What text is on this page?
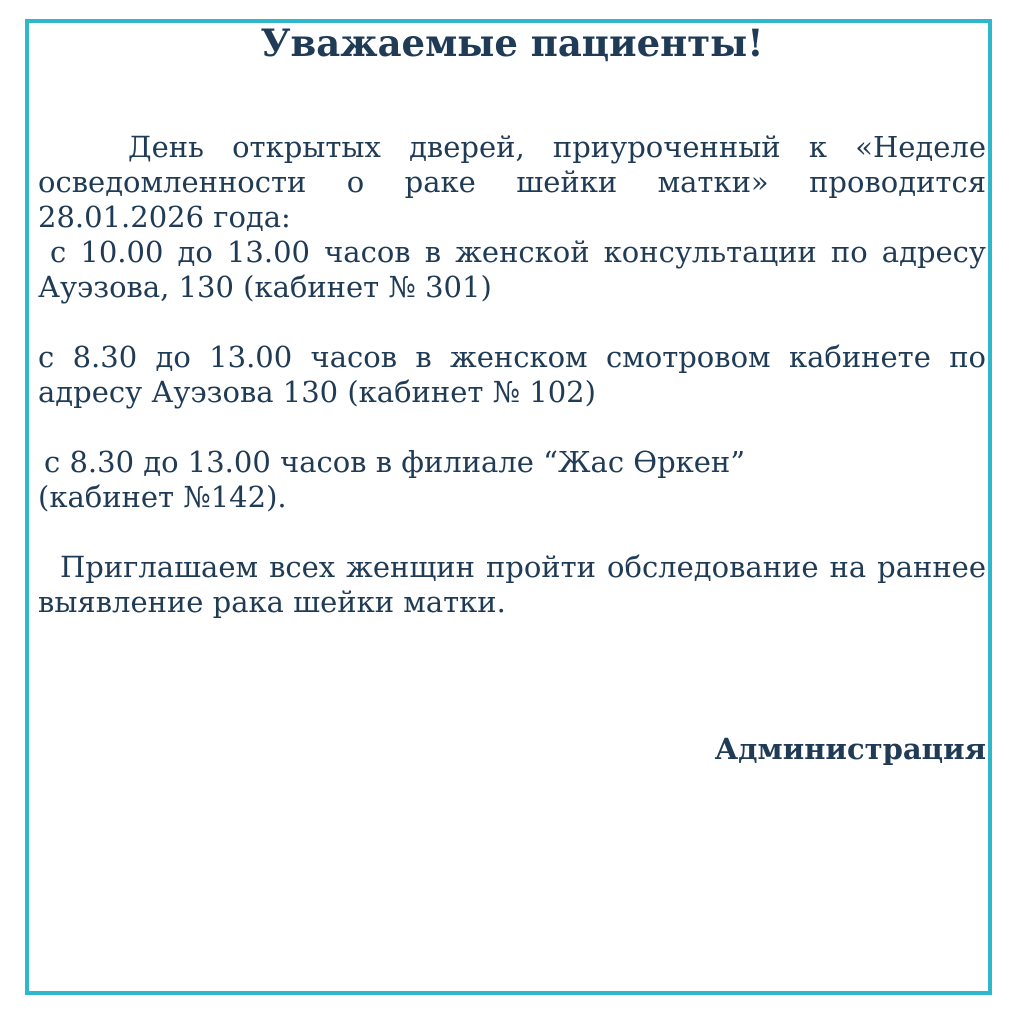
Уважаемые пациенты!

День открытых дверей, приуроченный к «Неделе осведомленности о раке шейки матки» проводится 28.01.2026 года:

с 10.00 до 13.00 часов в женской консультации по адресу Ауэзова, 130 (кабинет № 301)

с 8.30 до 13.00 часов в женском смотровом кабинете по адресу Ауэзова 130 (кабинет № 102)

с 8.30 до 13.00 часов в филиале “Жас Өркен”

(кабинет №142).

Приглашаем всех женщин пройти обследование на раннее выявление рака шейки матки.

Администрация
